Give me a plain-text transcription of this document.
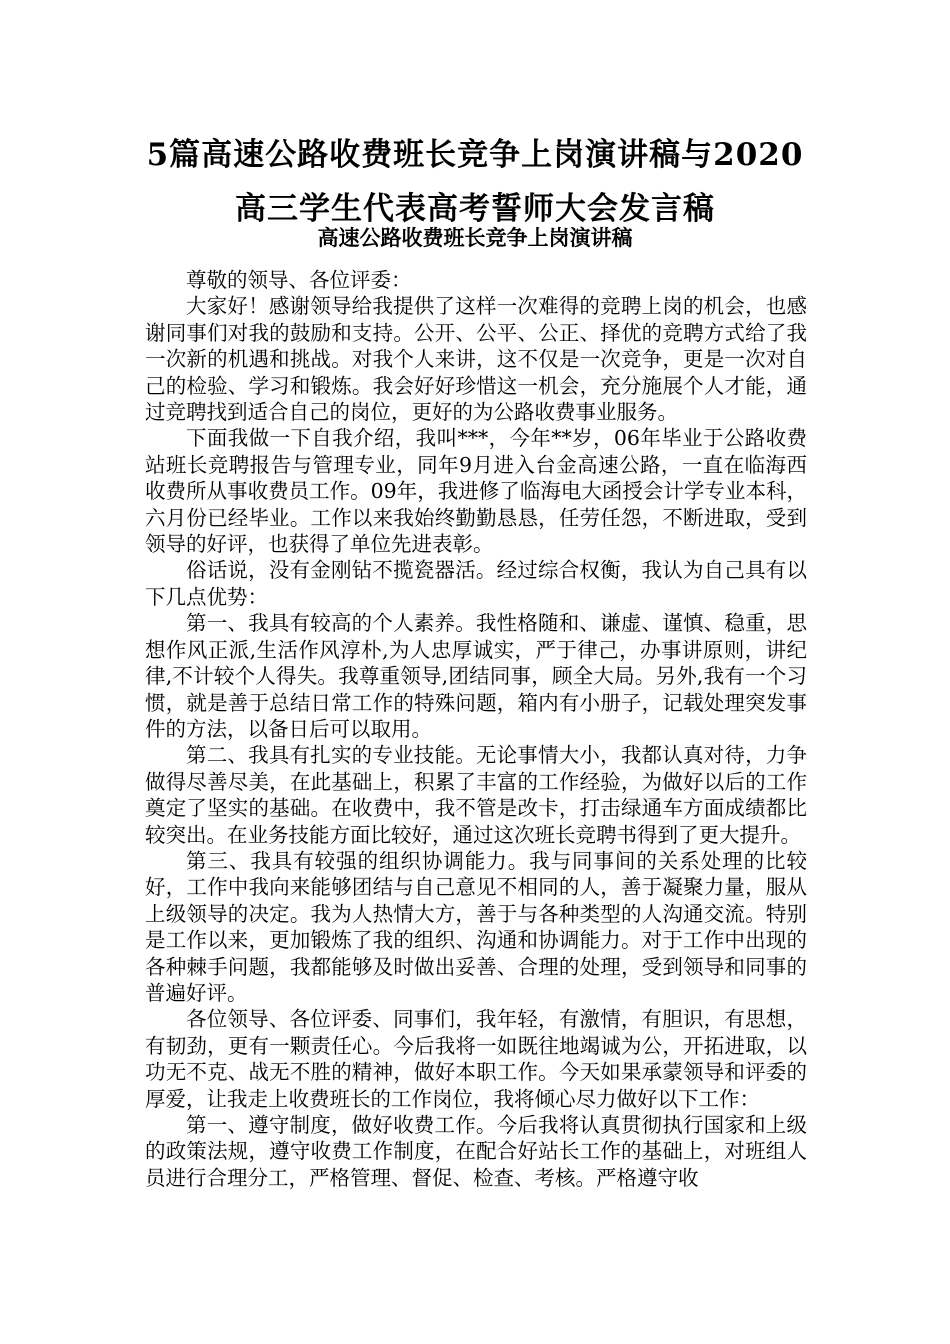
5篇高速公路收费班长竞争上岗演讲稿与2020高三学生代表高考誓师大会发言稿
高速公路收费班长竞争上岗演讲稿

尊敬的领导、各位评委：

大家好！感谢领导给我提供了这样一次难得的竞聘上岗的机会，也感谢同事们对我的鼓励和支持。公开、公平、公正、择优的竞聘方式给了我一次新的机遇和挑战。对我个人来讲，这不仅是一次竞争，更是一次对自己的检验、学习和锻炼。我会好好珍惜这一机会，充分施展个人才能，通过竞聘找到适合自己的岗位，更好的为公路收费事业服务。

下面我做一下自我介绍，我叫***，今年**岁，06年毕业于公路收费站班长竞聘报告与管理专业，同年9月进入台金高速公路，一直在临海西收费所从事收费员工作。09年，我进修了临海电大函授会计学专业本科，六月份已经毕业。工作以来我始终勤勤恳恳，任劳任怨，不断进取，受到领导的好评，也获得了单位先进表彰。

俗话说，没有金刚钻不揽瓷器活。经过综合权衡，我认为自己具有以下几点优势：

第一、我具有较高的个人素养。我性格随和、谦虚、谨慎、稳重，思想作风正派,生活作风淳朴,为人忠厚诚实，严于律己，办事讲原则，讲纪律,不计较个人得失。我尊重领导,团结同事，顾全大局。另外,我有一个习惯，就是善于总结日常工作的特殊问题，箱内有小册子，记载处理突发事件的方法，以备日后可以取用。

第二、我具有扎实的专业技能。无论事情大小，我都认真对待，力争做得尽善尽美，在此基础上，积累了丰富的工作经验，为做好以后的工作奠定了坚实的基础。在收费中，我不管是改卡，打击绿通车方面成绩都比较突出。在业务技能方面比较好，通过这次班长竞聘书得到了更大提升。

第三、我具有较强的组织协调能力。我与同事间的关系处理的比较好，工作中我向来能够团结与自己意见不相同的人，善于凝聚力量，服从上级领导的决定。我为人热情大方，善于与各种类型的人沟通交流。特别是工作以来，更加锻炼了我的组织、沟通和协调能力。对于工作中出现的各种棘手问题，我都能够及时做出妥善、合理的处理，受到领导和同事的普遍好评。

各位领导、各位评委、同事们，我年轻，有激情，有胆识，有思想，有韧劲，更有一颗责任心。今后我将一如既往地竭诚为公，开拓进取，以功无不克、战无不胜的精神，做好本职工作。今天如果承蒙领导和评委的厚爱，让我走上收费班长的工作岗位，我将倾心尽力做好以下工作：

第一、遵守制度，做好收费工作。今后我将认真贯彻执行国家和上级的政策法规，遵守收费工作制度，在配合好站长工作的基础上，对班组人员进行合理分工，严格管理、督促、检查、考核。严格遵守收
